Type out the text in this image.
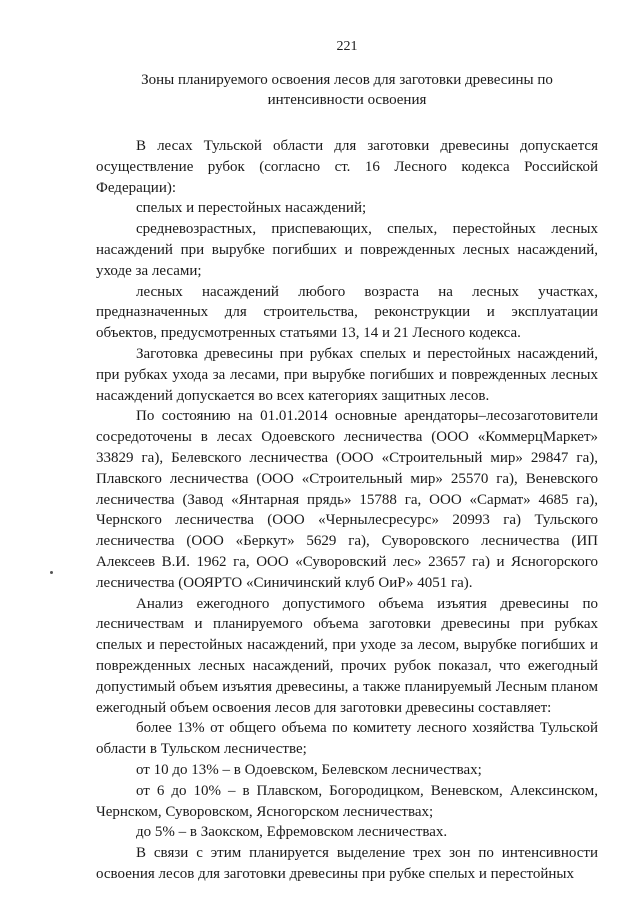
221
Зоны планируемого освоения лесов для заготовки древесины по
интенсивности освоения

В лесах Тульской области для заготовки древесины допускается осуществление рубок (согласно ст. 16 Лесного кодекса Российской Федерации):

спелых и перестойных насаждений;

средневозрастных, приспевающих, спелых, перестойных лесных насаждений при вырубке погибших и поврежденных лесных насаждений, уходе за лесами;

лесных насаждений любого возраста на лесных участках, предназначенных для строительства, реконструкции и эксплуатации объектов, предусмотренных статьями 13, 14 и 21 Лесного кодекса.

Заготовка древесины при рубках спелых и перестойных насаждений, при рубках ухода за лесами, при вырубке погибших и поврежденных лесных насаждений допускается во всех категориях защитных лесов.

По состоянию на 01.01.2014 основные арендаторы–лесозаготовители сосредоточены в лесах Одоевского лесничества (ООО «КоммерцМаркет» 33829 га), Белевского лесничества (ООО «Строительный мир» 29847 га), Плавского лесничества (ООО «Строительный мир» 25570 га), Веневского лесничества (Завод «Янтарная прядь» 15788 га, ООО «Сармат» 4685 га), Чернского лесничества (ООО «Чернылесресурс» 20993 га) Тульского лесничества (ООО «Беркут» 5629 га), Суворовского лесничества (ИП Алексеев В.И. 1962 га, ООО «Суворовский лес» 23657 га) и Ясногорского лесничества (ООЯРТО «Синичинский клуб ОиР» 4051 га).

Анализ ежегодного допустимого объема изъятия древесины по лесничествам и планируемого объема заготовки древесины при рубках спелых и перестойных насаждений, при уходе за лесом, вырубке погибших и поврежденных лесных насаждений, прочих рубок показал, что ежегодный допустимый объем изъятия древесины, а также планируемый Лесным планом ежегодный объем освоения лесов для заготовки древесины составляет:

более 13% от общего объема по комитету лесного хозяйства Тульской области в Тульском лесничестве;

от 10 до 13% – в Одоевском, Белевском лесничествах;

от 6 до 10% – в Плавском, Богородицком, Веневском, Алексинском, Чернском, Суворовском, Ясногорском лесничествах;

до 5% – в Заокском, Ефремовском лесничествах.

В связи с этим планируется выделение трех зон по интенсивности освоения лесов для заготовки древесины при рубке спелых и перестойных
